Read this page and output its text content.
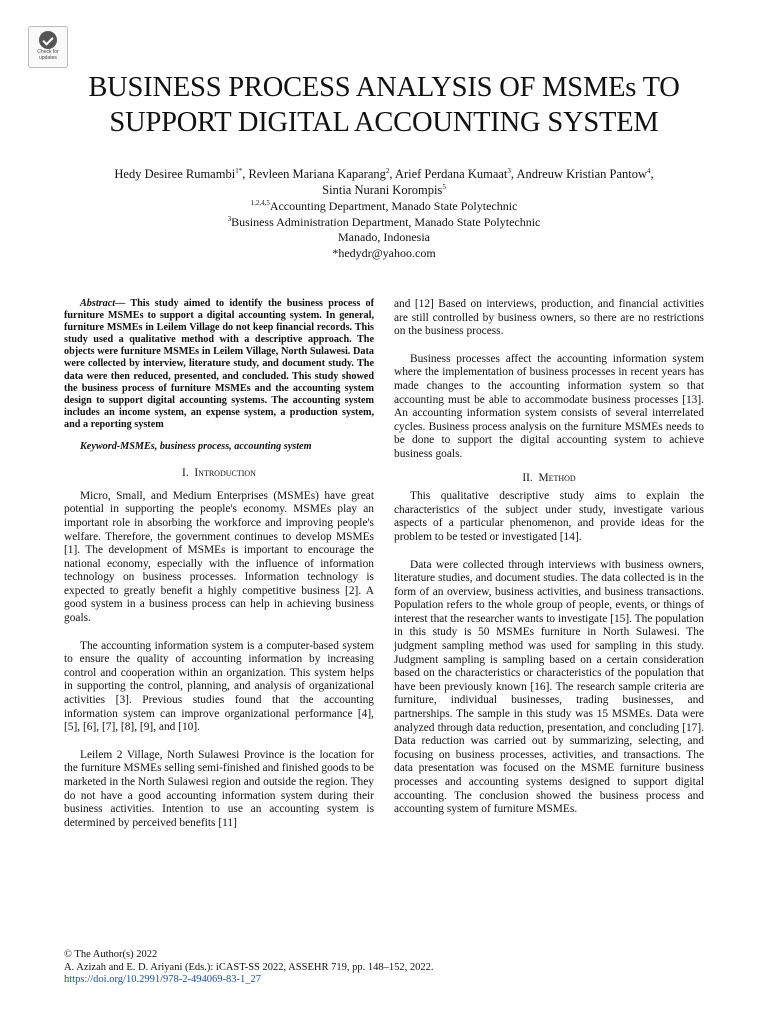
Check for
updates
BUSINESS PROCESS ANALYSIS OF MSMEs TO
SUPPORT DIGITAL ACCOUNTING SYSTEM
Hedy Desiree Rumambi$^{1*}$, Revleen Mariana Kaparang$^2$, Arief Perdana Kumaat$^3$, Andreuw Kristian Pantow$^4$,
Sintia Nurani Korompis$^5$
$^{1,2,4,5}$Accounting Department, Manado State Polytechnic
$^3$Business Administration Department, Manado State Polytechnic
Manado, Indonesia
*hedydr@yahoo.com

Abstract— This study aimed to identify the business process of furniture MSMEs to support a digital accounting system. In general, furniture MSMEs in Leilem Village do not keep financial records. This study used a qualitative method with a descriptive approach. The objects were furniture MSMEs in Leilem Village, North Sulawesi. Data were collected by interview, literature study, and document study. The data were then reduced, presented, and concluded. This study showed the business process of furniture MSMEs and the accounting system design to support digital accounting systems. The accounting system includes an income system, an expense system, a production system, and a reporting system

Keyword-MSMEs, business process, accounting system

I. Introduction

Micro, Small, and Medium Enterprises (MSMEs) have great potential in supporting the people's economy. MSMEs play an important role in absorbing the workforce and improving people's welfare. Therefore, the government continues to develop MSMEs [1]. The development of MSMEs is important to encourage the national economy, especially with the influence of information technology on business processes. Information technology is expected to greatly benefit a highly competitive business [2]. A good system in a business process can help in achieving business goals.

The accounting information system is a computer-based system to ensure the quality of accounting information by increasing control and cooperation within an organization. This system helps in supporting the control, planning, and analysis of organizational activities [3]. Previous studies found that the accounting information system can improve organizational performance [4], [5], [6], [7], [8], [9], and [10].

Leilem 2 Village, North Sulawesi Province is the location for the furniture MSMEs selling semi-finished and finished goods to be marketed in the North Sulawesi region and outside the region. They do not have a good accounting information system during their business activities. Intention to use an accounting system is determined by perceived benefits [11]

and [12] Based on interviews, production, and financial activities are still controlled by business owners, so there are no restrictions on the business process.

Business processes affect the accounting information system where the implementation of business processes in recent years has made changes to the accounting information system so that accounting must be able to accommodate business processes [13]. An accounting information system consists of several interrelated cycles. Business process analysis on the furniture MSMEs needs to be done to support the digital accounting system to achieve business goals.

II. Method

This qualitative descriptive study aims to explain the characteristics of the subject under study, investigate various aspects of a particular phenomenon, and provide ideas for the problem to be tested or investigated [14].

Data were collected through interviews with business owners, literature studies, and document studies. The data collected is in the form of an overview, business activities, and business transactions. Population refers to the whole group of people, events, or things of interest that the researcher wants to investigate [15]. The population in this study is 50 MSMEs furniture in North Sulawesi. The judgment sampling method was used for sampling in this study. Judgment sampling is sampling based on a certain consideration based on the characteristics or characteristics of the population that have been previously known [16]. The research sample criteria are furniture, individual businesses, trading businesses, and partnerships. The sample in this study was 15 MSMEs. Data were analyzed through data reduction, presentation, and concluding [17]. Data reduction was carried out by summarizing, selecting, and focusing on business processes, activities, and transactions. The data presentation was focused on the MSME furniture business processes and accounting systems designed to support digital accounting. The conclusion showed the business process and accounting system of furniture MSMEs.

© The Author(s) 2022
A. Azizah and E. D. Ariyani (Eds.): iCAST-SS 2022, ASSEHR 719, pp. 148–152, 2022.
https://doi.org/10.2991/978-2-494069-83-1_27
